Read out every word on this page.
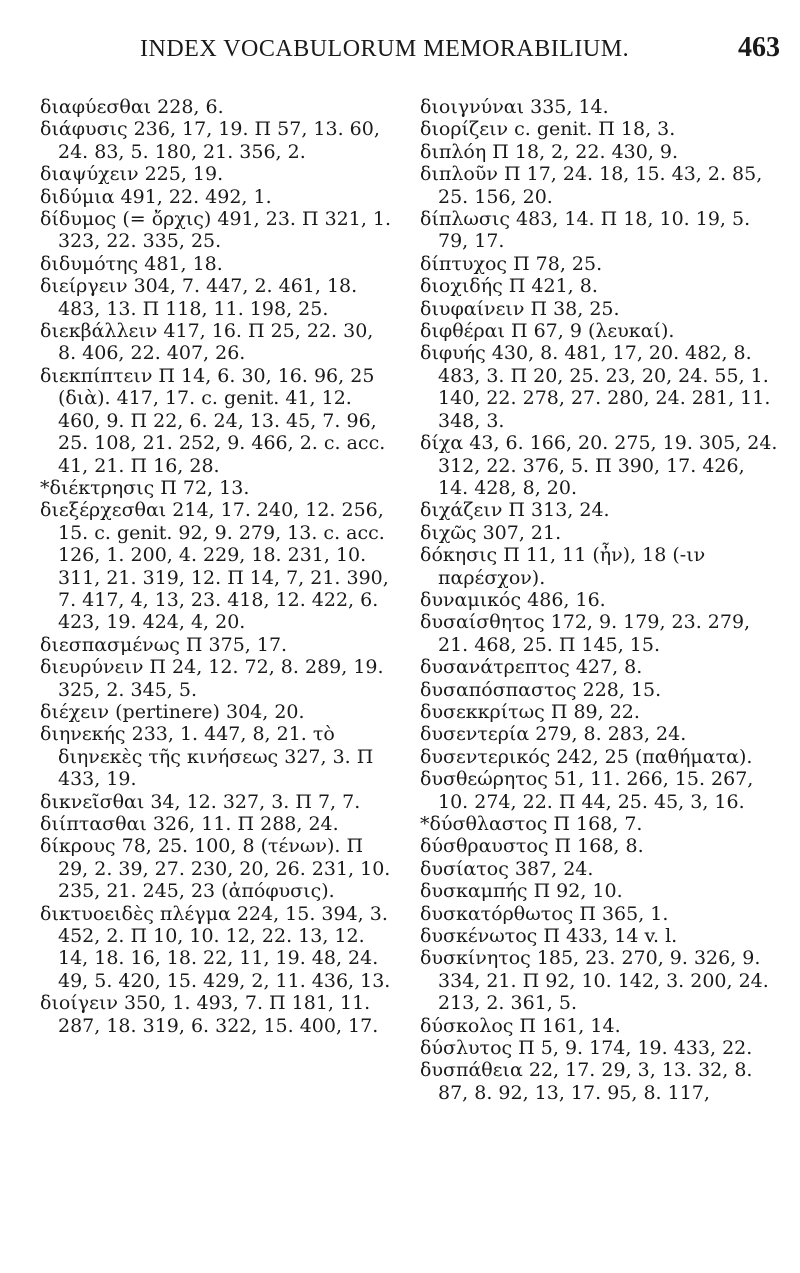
INDEX VOCABULORUM MEMORABILIUM.	463

διαφύεσθαι 228, 6.

διάφυσις 236, 17, 19. Π 57, 13. 60, 24. 83, 5. 180, 21. 356, 2.

διαψύχειν 225, 19.

διδύμια 491, 22. 492, 1.

δίδυμος (= ὄρχις) 491, 23. Π 321, 1. 323, 22. 335, 25.

διδυμότης 481, 18.

διείργειν 304, 7. 447, 2. 461, 18. 483, 13. Π 118, 11. 198, 25.

διεκβάλλειν 417, 16. Π 25, 22. 30, 8. 406, 22. 407, 26.

διεκπίπτειν Π 14, 6. 30, 16. 96, 25 (διὰ). 417, 17. c. genit. 41, 12. 460, 9. Π 22, 6. 24, 13. 45, 7. 96, 25. 108, 21. 252, 9. 466, 2. c. acc. 41, 21. Π 16, 28.

*διέκτρησις Π 72, 13.

διεξέρχεσθαι 214, 17. 240, 12. 256, 15. c. genit. 92, 9. 279, 13. c. acc. 126, 1. 200, 4. 229, 18. 231, 10. 311, 21. 319, 12. Π 14, 7, 21. 390, 7. 417, 4, 13, 23. 418, 12. 422, 6. 423, 19. 424, 4, 20.

διεσπασμένως Π 375, 17.

διευρύνειν Π 24, 12. 72, 8. 289, 19. 325, 2. 345, 5.

διέχειν (pertinere) 304, 20.

διηνεκής 233, 1. 447, 8, 21. τὸ διηνεκὲς τῆς κινήσεως 327, 3. Π 433, 19.

δικνεῖσθαι 34, 12. 327, 3. Π 7, 7.

διίπτασθαι 326, 11. Π 288, 24.

δίκρους 78, 25. 100, 8 (τένων). Π 29, 2. 39, 27. 230, 20, 26. 231, 10. 235, 21. 245, 23 (ἀπόφυσις).

δικτυοειδὲς πλέγμα 224, 15. 394, 3. 452, 2. Π 10, 10. 12, 22. 13, 12. 14, 18. 16, 18. 22, 11, 19. 48, 24. 49, 5. 420, 15. 429, 2, 11. 436, 13.

διοίγειν 350, 1. 493, 7. Π 181, 11. 287, 18. 319, 6. 322, 15. 400, 17.

διοιγνύναι 335, 14.

διορίζειν c. genit. Π 18, 3.

διπλόη Π 18, 2, 22. 430, 9.

διπλοῦν Π 17, 24. 18, 15. 43, 2. 85, 25. 156, 20.

δίπλωσις 483, 14. Π 18, 10. 19, 5. 79, 17.

δίπτυχος Π 78, 25.

διοχιδής Π 421, 8.

διυφαίνειν Π 38, 25.

διφθέραι Π 67, 9 (λευκαί).

διφυής 430, 8. 481, 17, 20. 482, 8. 483, 3. Π 20, 25. 23, 20, 24. 55, 1. 140, 22. 278, 27. 280, 24. 281, 11. 348, 3.

δίχα 43, 6. 166, 20. 275, 19. 305, 24. 312, 22. 376, 5. Π 390, 17. 426, 14. 428, 8, 20.

διχάζειν Π 313, 24.

διχῶς 307, 21.

δόκησις Π 11, 11 (ἦν), 18 (-ιν παρέσχον).

δυναμικός 486, 16.

δυσαίσθητος 172, 9. 179, 23. 279, 21. 468, 25. Π 145, 15.

δυσανάτρεπτος 427, 8.

δυσαπόσπαστος 228, 15.

δυσεκκρίτως Π 89, 22.

δυσεντερία 279, 8. 283, 24.

δυσεντερικός 242, 25 (παθήματα).

δυσθεώρητος 51, 11. 266, 15. 267, 10. 274, 22. Π 44, 25. 45, 3, 16.

*δύσθλαστος Π 168, 7.

δύσθραυστος Π 168, 8.

δυσίατος 387, 24.

δυσκαμπής Π 92, 10.

δυσκατόρθωτος Π 365, 1.

δυσκένωτος Π 433, 14 v. l.

δυσκίνητος 185, 23. 270, 9. 326, 9. 334, 21. Π 92, 10. 142, 3. 200, 24. 213, 2. 361, 5.

δύσκολος Π 161, 14.

δύσλυτος Π 5, 9. 174, 19. 433, 22.

δυσπάθεια 22, 17. 29, 3, 13. 32, 8. 87, 8. 92, 13, 17. 95, 8. 117,
